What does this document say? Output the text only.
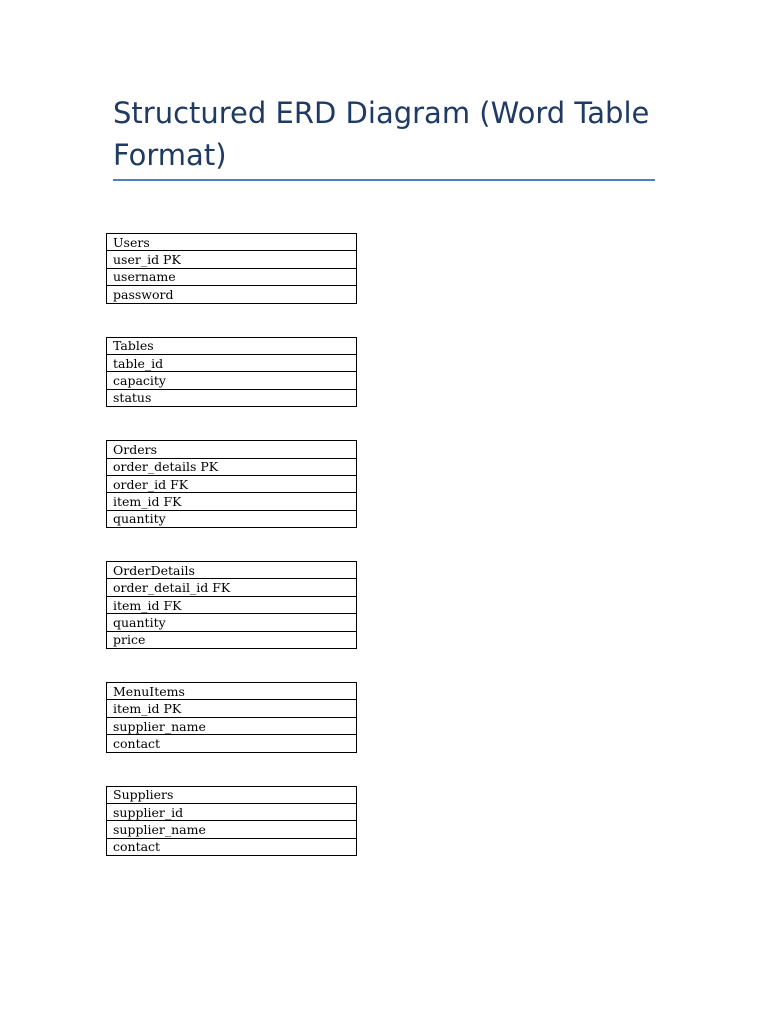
Structured ERD Diagram (Word Table Format)
Users
user_id PK
username
password
Tables
table_id
capacity
status
Orders
order_details PK
order_id FK
item_id FK
quantity
OrderDetails
order_detail_id FK
item_id FK
quantity
price
MenuItems
item_id PK
supplier_name
contact
Suppliers
supplier_id
supplier_name
contact
